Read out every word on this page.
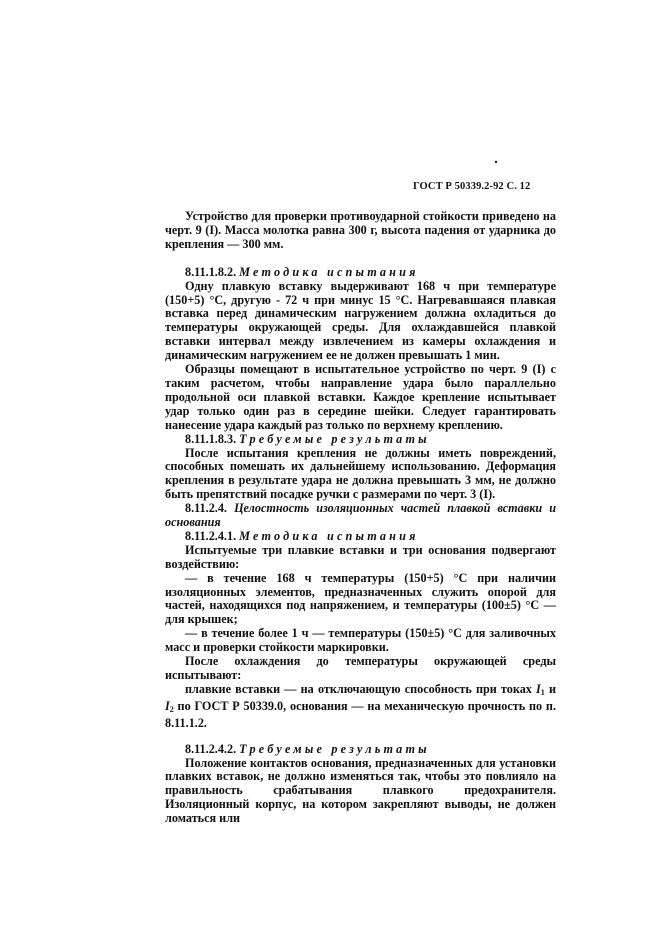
ГОСТ Р 50339.2-92 С. 12

Устройство для проверки противоударной стойкости приведено на черт. 9 (I). Масса молотка равна 300 г, высота падения от ударника до крепления — 300 мм.

8.11.1.8.2. Методика испытания

Одну плавкую вставку выдерживают 168 ч при температуре (150+5) °С, другую - 72 ч при минус 15 °С. Нагревавшаяся плавкая вставка перед динамическим нагружением должна охладиться до температуры окружающей среды. Для охлаждавшейся плавкой вставки интервал между извлечением из камеры охлаждения и динамическим нагружением ее не должен превышать 1 мин.

Образцы помещают в испытательное устройство по черт. 9 (I) с таким расчетом, чтобы направление удара было параллельно продольной оси плавкой вставки. Каждое крепление испытывает удар только один раз в середине шейки. Следует гарантировать нанесение удара каждый раз только по верхнему креплению.

8.11.1.8.3. Требуемые результаты

После испытания крепления не должны иметь повреждений, способных помешать их дальнейшему использованию. Деформация крепления в результате удара не должна превышать 3 мм, не должно быть препятствий посадке ручки с размерами по черт. 3 (I).

8.11.2.4. Целостность изоляционных частей плавкой вставки и основания

8.11.2.4.1. Методика испытания

Испытуемые три плавкие вставки и три основания подвергают воздействию:

— в течение 168 ч температуры (150+5) °С при наличии изоляционных элементов, предназначенных служить опорой для частей, находящихся под напряжением, и температуры (100±5) °С — для крышек;

— в течение более 1 ч — температуры (150±5) °С для заливочных масс и проверки стойкости маркировки.

После охлаждения до температуры окружающей среды испытывают:

плавкие вставки — на отключающую способность при токах $I_1$ и $I_2$ по ГОСТ Р 50339.0, основания — на механическую прочность по п. 8.11.1.2.

8.11.2.4.2. Требуемые результаты

Положение контактов основания, предназначенных для установки плавких вставок, не должно изменяться так, чтобы это повлияло на правильность срабатывания плавкого предохранителя. Изоляционный корпус, на котором закрепляют выводы, не должен ломаться или
